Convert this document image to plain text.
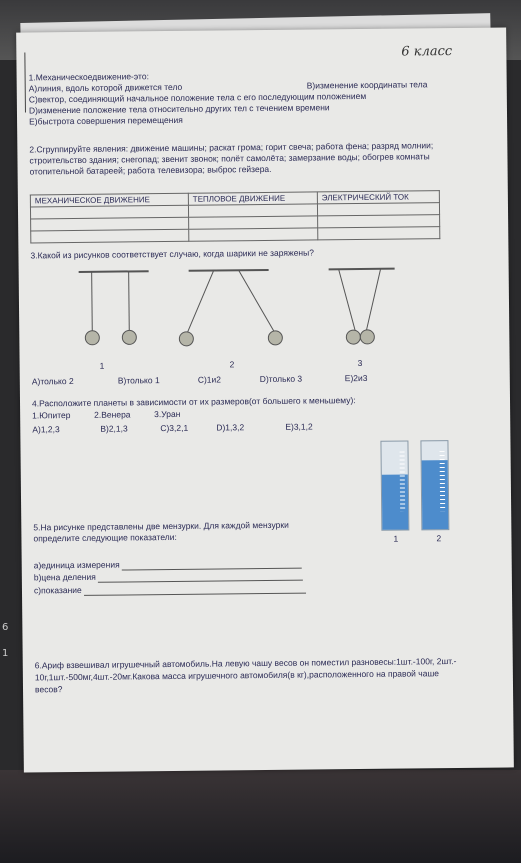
6
1
6 класс
1.Механическоедвижение-это:
А)линия, вдоль которой движется тело	В)изменение координаты тела
С)вектор, соединяющий начальное положение тела с его последующим положением
D)изменение положение тела относительно других тел с течением времени
Е)быстрота совершения перемещения
2.Сгруппируйте явления: движение машины; раскат грома; горит свеча; работа фена; разряд молнии;
строительство здания; снегопад; звенит звонок; полёт самолёта; замерзание воды; обогрев комнаты
отопительной батареей; работа телевизора; выброс гейзера.
МЕХАНИЧЕСКОЕ ДВИЖЕНИЕ	ТЕПЛОВОЕ ДВИЖЕНИЕ	ЭЛЕКТРИЧЕСКИЙ ТОК

3.Какой из рисунков соответствует случаю, когда шарики не заряжены?
1	2	3
А)только 2	В)только 1	С)1и2	D)только 3	Е)2и3
4.Расположите планеты в зависимости от их размеров(от большего к меньшему):
1.Юпитер	2.Венера	3.Уран
А)1,2,3	В)2,1,3	С)3,2,1	D)1,3,2	Е)3,1,2
1	2
5.На рисунке представлены две мензурки. Для каждой мензурки
определите следующие показатели:
а)единица измерения
b)цена деления
с)показание
6.Ариф взвешивал игрушечный автомобиль.На левую чашу весов он поместил разновесы:1шт.-100г, 2шт.-
10г,1шт.-500мг,4шт.-20мг.Какова масса игрушечного автомобиля(в кг),расположенного на правой чаше
весов?
